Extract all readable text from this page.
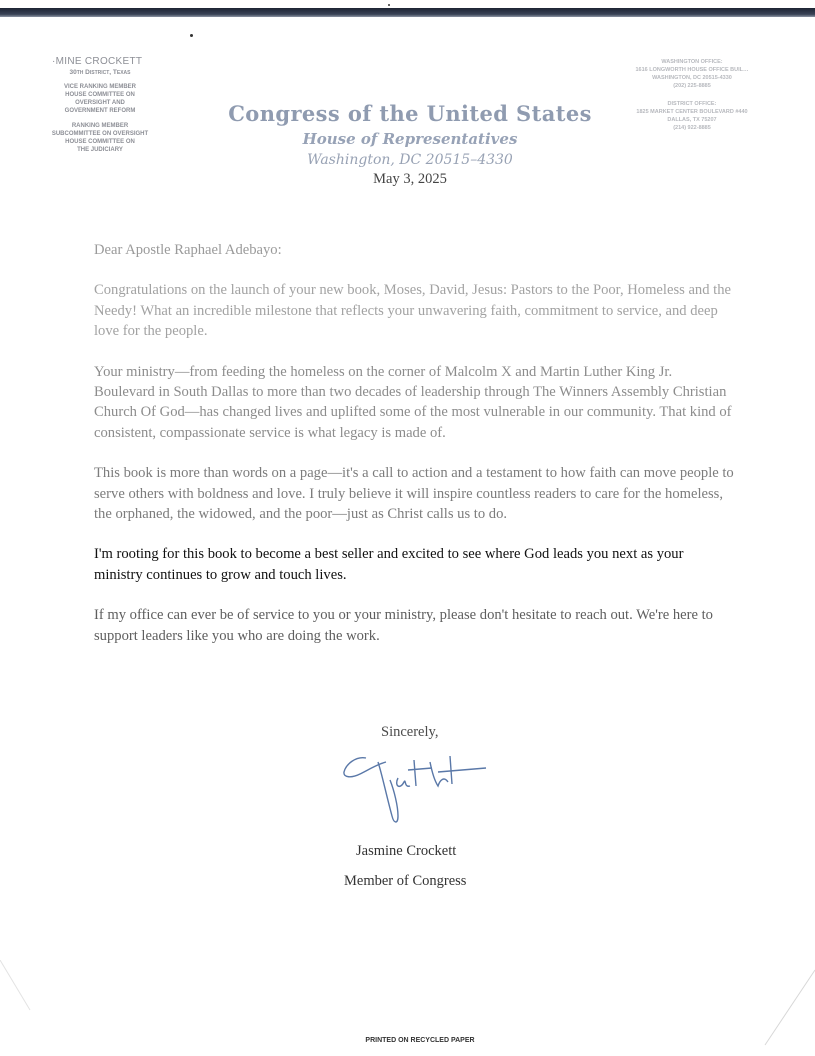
·MINE CROCKETT
30th District, Texas
VICE RANKING MEMBER
HOUSE COMMITTEE ON
OVERSIGHT AND
GOVERNMENT REFORM
RANKING MEMBER
SUBCOMMITTEE ON OVERSIGHT
HOUSE COMMITTEE ON
THE JUDICIARY
WASHINGTON OFFICE:
1616 LONGWORTH HOUSE OFFICE BUIL…
WASHINGTON, DC 20515-4330
(202) 225-8885
DISTRICT OFFICE:
1825 MARKET CENTER BOULEVARD #440
DALLAS, TX 75207
(214) 922-8885
Congress of the United States
House of Representatives
Washington, DC 20515–4330
May 3, 2025

Dear Apostle Raphael Adebayo:

Congratulations on the launch of your new book, Moses, David, Jesus: Pastors to the Poor, Homeless and the Needy! What an incredible milestone that reflects your unwavering faith, commitment to service, and deep love for the people.

Your ministry—from feeding the homeless on the corner of Malcolm X and Martin Luther King Jr. Boulevard in South Dallas to more than two decades of leadership through The Winners Assembly Christian Church Of God—has changed lives and uplifted some of the most vulnerable in our community. That kind of consistent, compassionate service is what legacy is made of.

This book is more than words on a page—it's a call to action and a testament to how faith can move people to serve others with boldness and love. I truly believe it will inspire countless readers to care for the homeless, the orphaned, the widowed, and the poor—just as Christ calls us to do.

I'm rooting for this book to become a best seller and excited to see where God leads you next as your ministry continues to grow and touch lives.

If my office can ever be of service to you or your ministry, please don't hesitate to reach out. We're here to support leaders like you who are doing the work.

Sincerely,
Jasmine Crockett
Member of Congress
PRINTED ON RECYCLED PAPER
